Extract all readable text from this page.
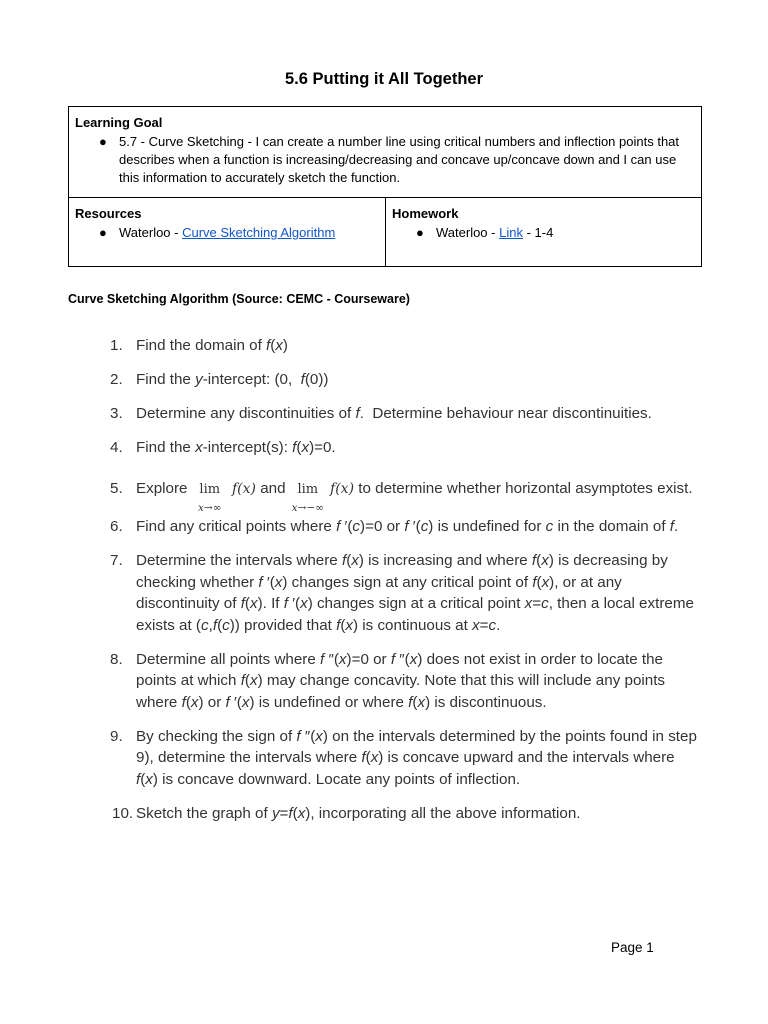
5.6 Putting it All Together
Learning Goal
● 5.7 - Curve Sketching - I can create a number line using critical numbers and inflection points that describes when a function is increasing/decreasing and concave up/concave down and I can use this information to accurately sketch the function.

Resources
● Waterloo - Curve Sketching Algorithm

Homework
● Waterloo - Link - 1-4
Curve Sketching Algorithm (Source: CEMC - Courseware)
1. Find the domain of f(x)
2. Find the y-intercept: (0,  f(0))
3. Determine any discontinuities of f.  Determine behaviour near discontinuities.
4. Find the x-intercept(s): f(x)=0.
5. Explore lim
x→∞
f(x) and lim
x→−∞
f(x) to determine whether horizontal asymptotes exist.
6. Find any critical points where f ′(c)=0 or f ′(c) is undefined for c in the domain of f.
7. Determine the intervals where f(x) is increasing and where f(x) is decreasing by checking whether f ′(x) changes sign at any critical point of f(x), or at any discontinuity of f(x). If f ′(x) changes sign at a critical point x=c, then a local extreme exists at (c,f(c)) provided that f(x) is continuous at x=c.
8. Determine all points where f ″(x)=0 or f ″(x) does not exist in order to locate the points at which f(x) may change concavity. Note that this will include any points where f(x) or f ′(x) is undefined or where f(x) is discontinuous.
9. By checking the sign of f ″(x) on the intervals determined by the points found in step 9), determine the intervals where f(x) is concave upward and the intervals where f(x) is concave downward. Locate any points of inflection.
10. Sketch the graph of y=f(x), incorporating all the above information.
Page 1
